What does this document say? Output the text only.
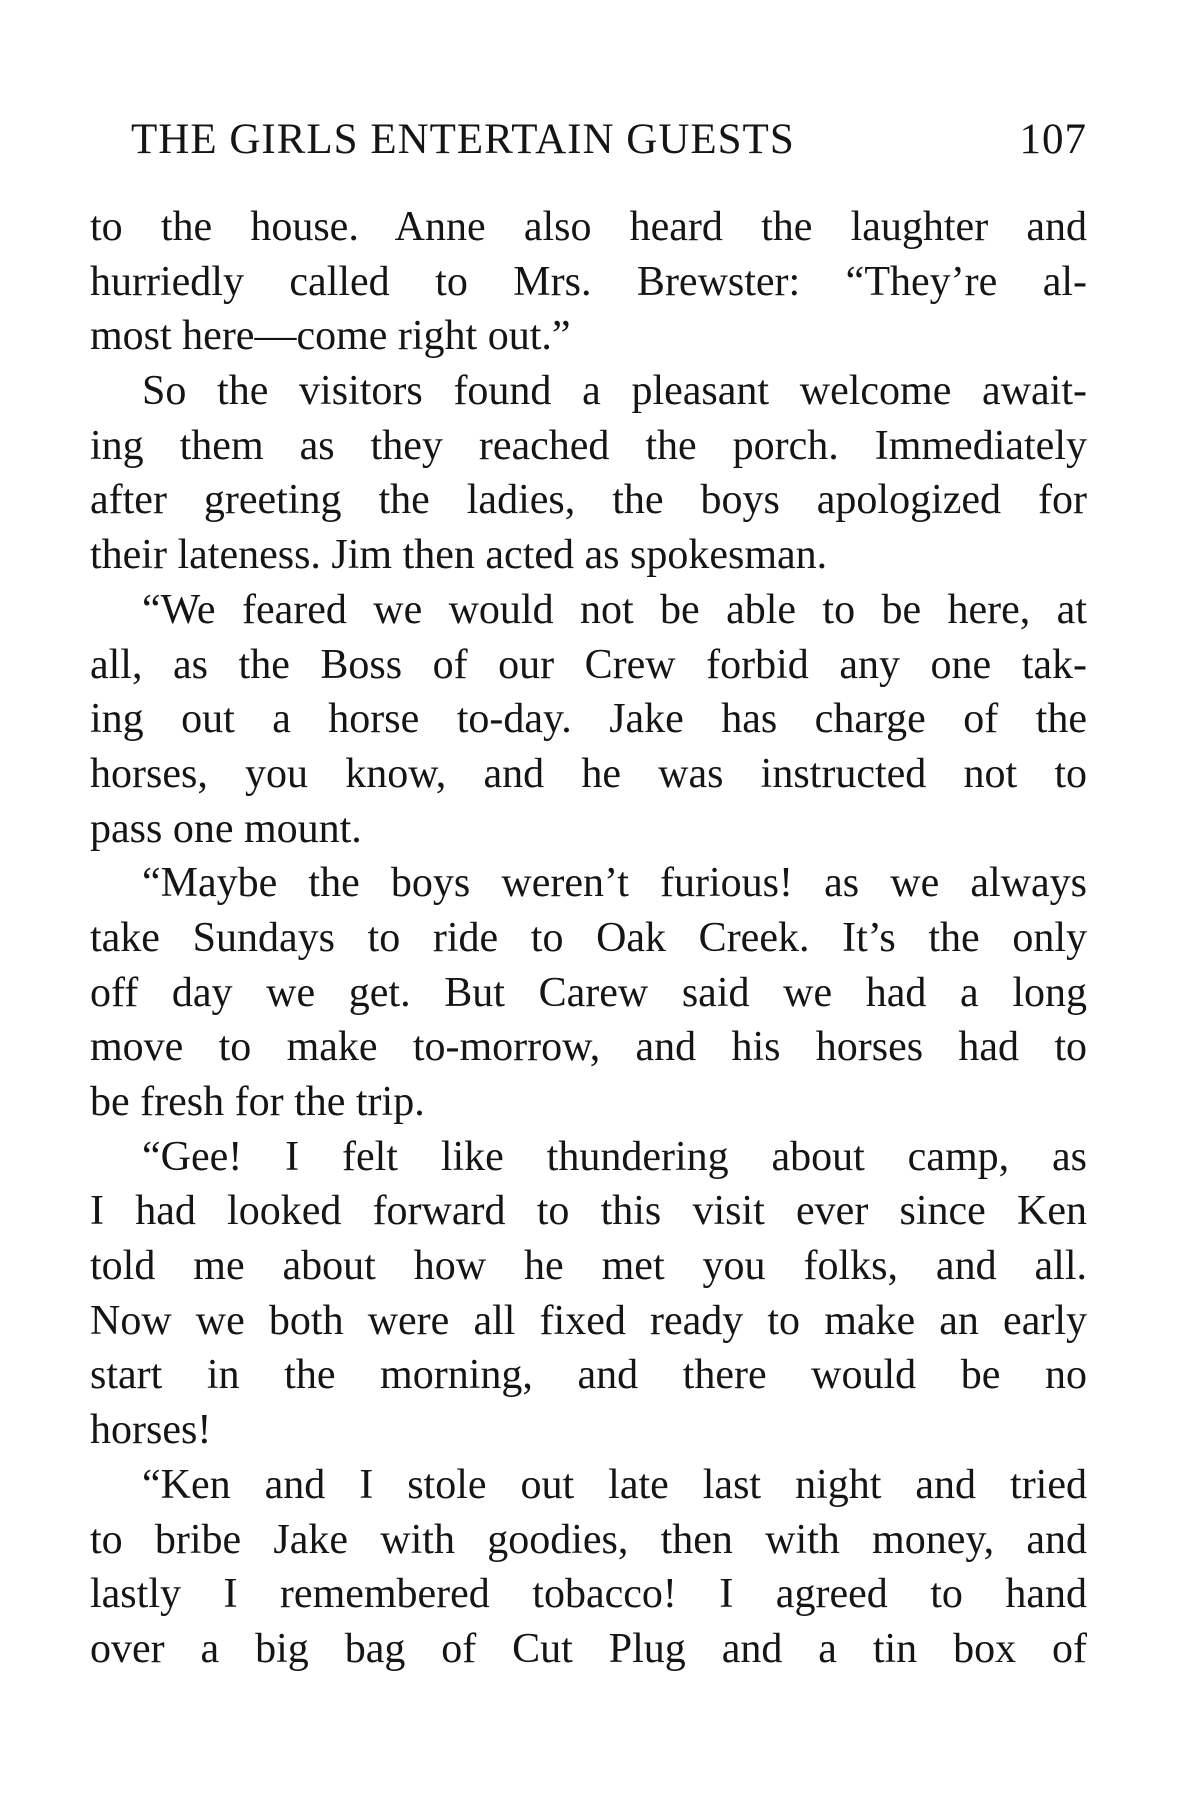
THE GIRLS ENTERTAIN GUESTS	107
to the house. Anne also heard the laughter and
hurriedly called to Mrs. Brewster: “They’re al-
most here—come right out.”
So the visitors found a pleasant welcome await-
ing them as they reached the porch. Immediately
after greeting the ladies, the boys apologized for
their lateness. Jim then acted as spokesman.
“We feared we would not be able to be here, at
all, as the Boss of our Crew forbid any one tak-
ing out a horse to-day. Jake has charge of the
horses, you know, and he was instructed not to
pass one mount.
“Maybe the boys weren’t furious! as we always
take Sundays to ride to Oak Creek. It’s the only
off day we get. But Carew said we had a long
move to make to-morrow, and his horses had to
be fresh for the trip.
“Gee! I felt like thundering about camp, as
I had looked forward to this visit ever since Ken
told me about how he met you folks, and all.
Now we both were all fixed ready to make an early
start in the morning, and there would be no
horses!
“Ken and I stole out late last night and tried
to bribe Jake with goodies, then with money, and
lastly I remembered tobacco! I agreed to hand
over a big bag of Cut Plug and a tin box of
